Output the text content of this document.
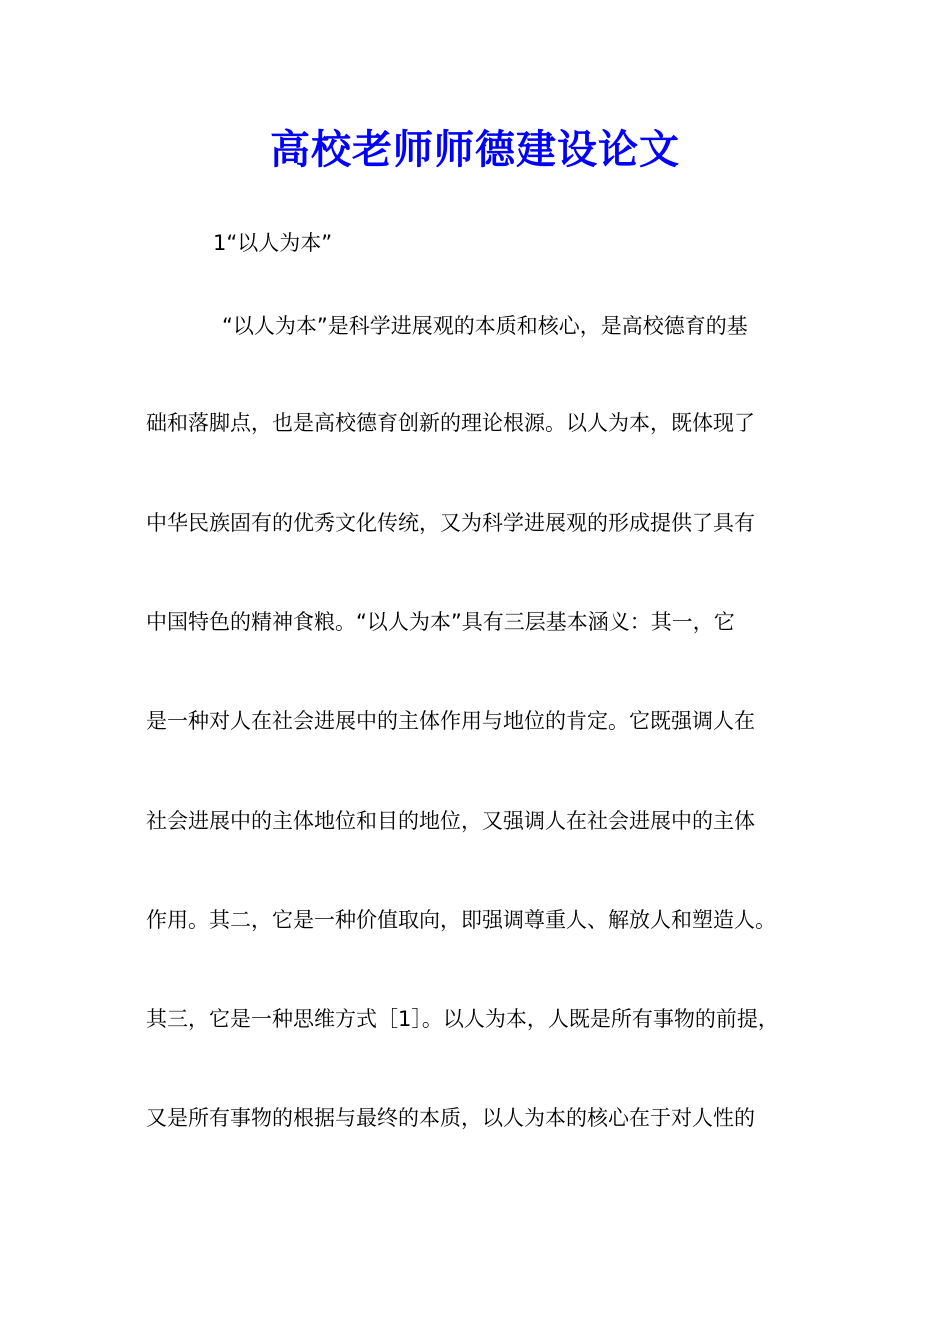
高校老师师德建设论文

1“以人为本”

“以人为本”是科学进展观的本质和核心，是高校德育的基

础和落脚点，也是高校德育创新的理论根源。以人为本，既体现了

中华民族固有的优秀文化传统，又为科学进展观的形成提供了具有

中国特色的精神食粮。“以人为本”具有三层基本涵义：其一，它

是一种对人在社会进展中的主体作用与地位的肯定。它既强调人在

社会进展中的主体地位和目的地位，又强调人在社会进展中的主体

作用。其二，它是一种价值取向，即强调尊重人、解放人和塑造人。

其三，它是一种思维方式［1］。以人为本，人既是所有事物的前提，

又是所有事物的根据与最终的本质，以人为本的核心在于对人性的
